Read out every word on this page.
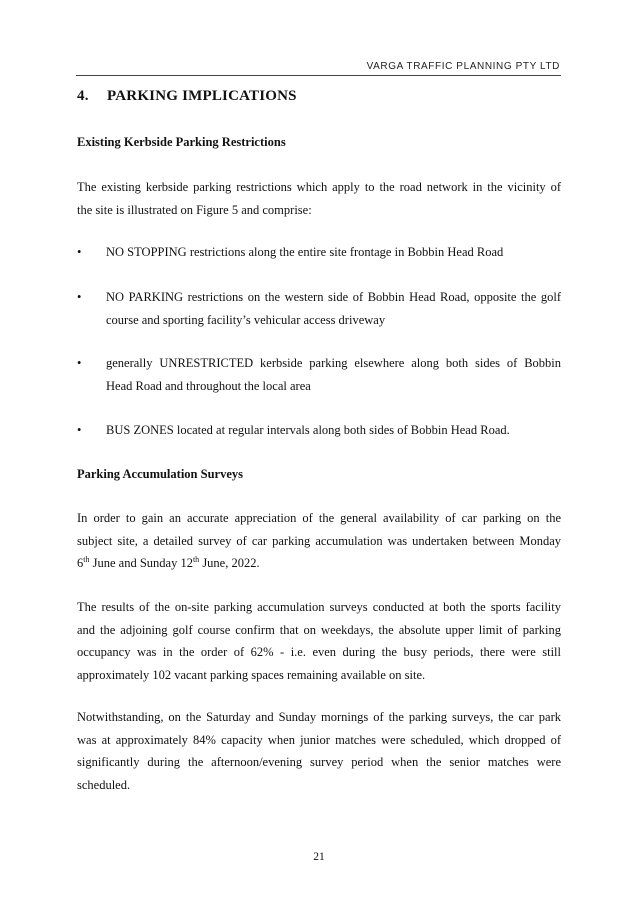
VARGA TRAFFIC PLANNING PTY LTD
4. PARKING IMPLICATIONS
Existing Kerbside Parking Restrictions
The existing kerbside parking restrictions which apply to the road network in the vicinity of
the site is illustrated on Figure 5 and comprise:
•	NO STOPPING restrictions along the entire site frontage in Bobbin Head Road
•	NO PARKING restrictions on the western side of Bobbin Head Road, opposite the golf
course and sporting facility’s vehicular access driveway
•	generally UNRESTRICTED kerbside parking elsewhere along both sides of Bobbin
Head Road and throughout the local area
•	BUS ZONES located at regular intervals along both sides of Bobbin Head Road.
Parking Accumulation Surveys
In order to gain an accurate appreciation of the general availability of car parking on the
subject site, a detailed survey of car parking accumulation was undertaken between Monday
6th June and Sunday 12th June, 2022.
The results of the on-site parking accumulation surveys conducted at both the sports facility
and the adjoining golf course confirm that on weekdays, the absolute upper limit of parking
occupancy was in the order of 62% - i.e. even during the busy periods, there were still
approximately 102 vacant parking spaces remaining available on site.
Notwithstanding, on the Saturday and Sunday mornings of the parking surveys, the car park
was at approximately 84% capacity when junior matches were scheduled, which dropped of
significantly during the afternoon/evening survey period when the senior matches were
scheduled.
21
